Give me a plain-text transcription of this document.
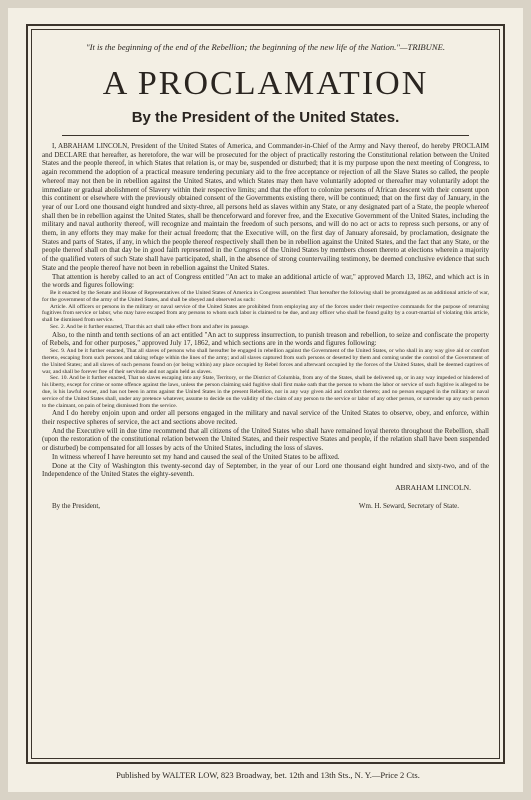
"It is the beginning of the end of the Rebellion; the beginning of the new life of the Nation."—TRIBUNE.
A PROCLAMATION
By the President of the United States.

I, ABRAHAM LINCOLN, President of the United States of America, and Commander-in-Chief of the Army and Navy thereof, do hereby PROCLAIM and DECLARE that hereafter, as heretofore, the war will be prosecuted for the object of practically restoring the Constitutional relation between the United States and the people thereof, in which States that relation is, or may be, suspended or disturbed; that it is my purpose upon the next meeting of Congress, to again recommend the adoption of a practical measure tendering pecuniary aid to the free acceptance or rejection of all the Slave States so called, the people whereof may not then be in rebellion against the United States, and which States may then have voluntarily adopted or thereafter may voluntarily adopt the immediate or gradual abolishment of Slavery within their respective limits; and that the effort to colonize persons of African descent with their consent upon this continent or elsewhere with the previously obtained consent of the Governments existing there, will be continued; that on the first day of January, in the year of our Lord one thousand eight hundred and sixty-three, all persons held as slaves within any State, or any designated part of a State, the people whereof shall then be in rebellion against the United States, shall be thenceforward and forever free, and the Executive Government of the United States, including the military and naval authority thereof, will recognize and maintain the freedom of such persons, and will do no act or acts to repress such persons, or any of them, in any efforts they may make for their actual freedom; that the Executive will, on the first day of January aforesaid, by proclamation, designate the States and parts of States, if any, in which the people thereof respectively shall then be in rebellion against the United States, and the fact that any State, or the people thereof shall on that day be in good faith represented in the Congress of the United States by members chosen thereto at elections wherein a majority of the qualified voters of such State shall have participated, shall, in the absence of strong countervailing testimony, be deemed conclusive evidence that such State and the people thereof have not been in rebellion against the United States.

That attention is hereby called to an act of Congress entitled "An act to make an additional article of war," approved March 13, 1862, and which act is in the words and figures following:

Be it enacted by the Senate and House of Representatives of the United States of America in Congress assembled: That hereafter the following shall be promulgated as an additional article of war, for the government of the army of the United States, and shall be obeyed and observed as such:

Article. All officers or persons in the military or naval service of the United States are prohibited from employing any of the forces under their respective commands for the purpose of returning fugitives from service or labor, who may have escaped from any persons to whom such labor is claimed to be due, and any officer who shall be found guilty by a court-martial of violating this article, shall be dismissed from service.

Sec. 2. And be it further enacted, That this act shall take effect from and after its passage.

Also, to the ninth and tenth sections of an act entitled "An act to suppress insurrection, to punish treason and rebellion, to seize and confiscate the property of Rebels, and for other purposes," approved July 17, 1862, and which sections are in the words and figures following:

Sec. 9. And be it further enacted, That all slaves of persons who shall hereafter be engaged in rebellion against the Government of the United States, or who shall in any way give aid or comfort thereto, escaping from such persons and taking refuge within the lines of the army; and all slaves captured from such persons or deserted by them and coming under the control of the Government of the United States; and all slaves of such persons found on (or being within) any place occupied by Rebel forces and afterward occupied by the forces of the United States, shall be deemed captives of war, and shall be forever free of their servitude and not again held as slaves.

Sec. 10. And be it further enacted, That no slaves escaping into any State, Territory, or the District of Columbia, from any of the States, shall be delivered up, or in any way impeded or hindered of his liberty, except for crime or some offence against the laws, unless the person claiming said fugitive shall first make oath that the person to whom the labor or service of such fugitive is alleged to be due, is his lawful owner, and has not been in arms against the United States in the present Rebellion, nor in any way given aid and comfort thereto; and no person engaged in the military or naval service of the United States shall, under any pretence whatever, assume to decide on the validity of the claim of any person to the service or labor of any other person, or surrender up any such person to the claimant, on pain of being dismissed from the service.

And I do hereby enjoin upon and order all persons engaged in the military and naval service of the United States to observe, obey, and enforce, within their respective spheres of service, the act and sections above recited.

And the Executive will in due time recommend that all citizens of the United States who shall have remained loyal thereto throughout the Rebellion, shall (upon the restoration of the constitutional relation between the United States, and their respective States and people, if the relation shall have been suspended or disturbed) be compensated for all losses by acts of the United States, including the loss of slaves.

In witness whereof I have hereunto set my hand and caused the seal of the United States to be affixed.

Done at the City of Washington this twenty-second day of September, in the year of our Lord one thousand eight hundred and sixty-two, and of the Independence of the United States the eighty-seventh.

ABRAHAM LINCOLN.
By the President,	Wm. H. Seward, Secretary of State.
Published by WALTER LOW, 823 Broadway, bet. 12th and 13th Sts., N. Y.—Price 2 Cts.
